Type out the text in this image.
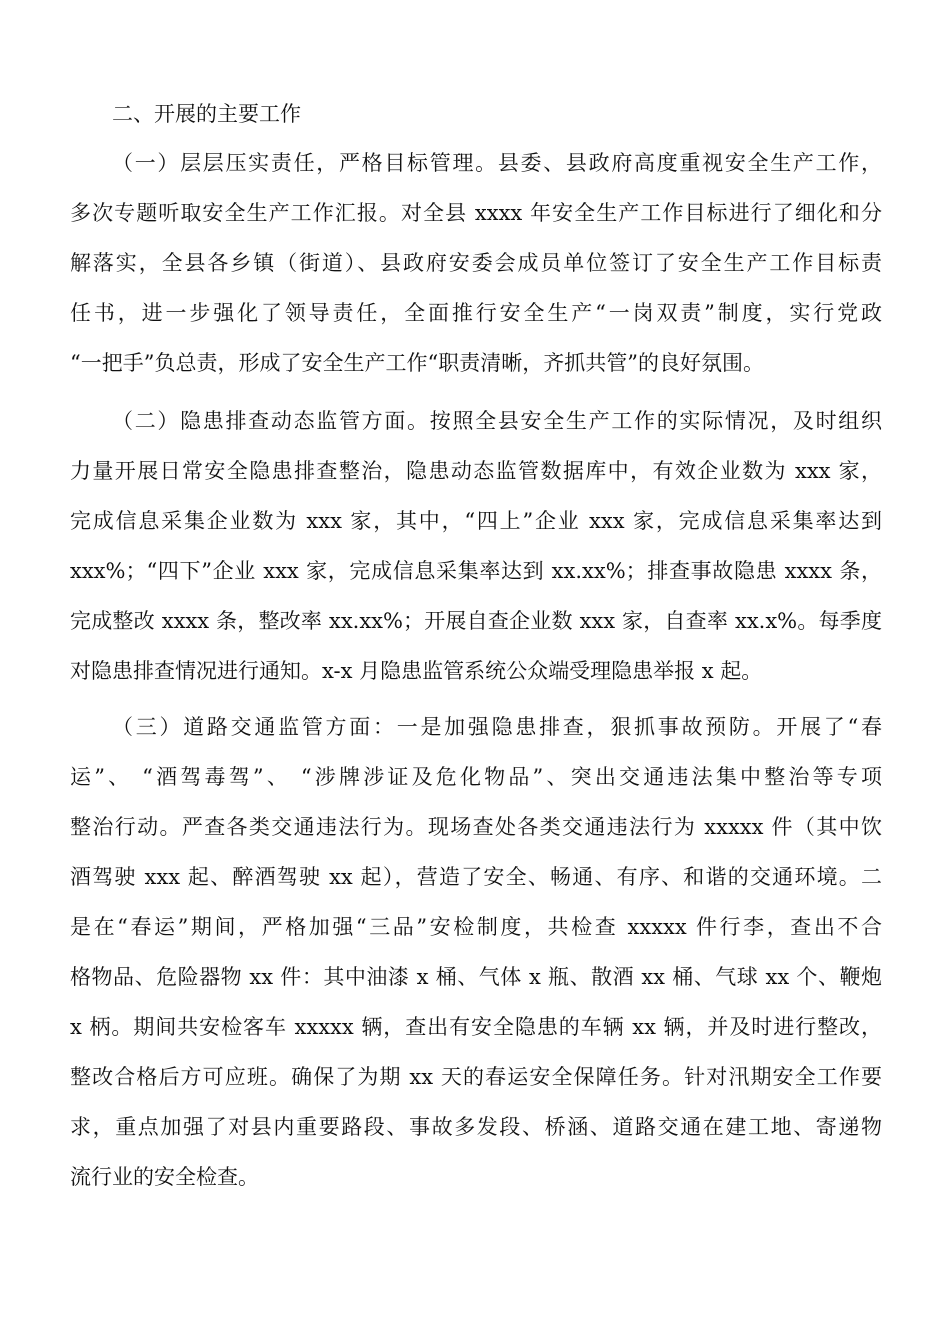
二、开展的主要工作
（一）层层压实责任，严格目标管理。县委、县政府高度重视安全生产工作，
多次专题听取安全生产工作汇报。对全县 xxxx 年安全生产工作目标进行了细化和分
解落实，全县各乡镇（街道）、县政府安委会成员单位签订了安全生产工作目标责
任书，进一步强化了领导责任，全面推行安全生产“一岗双责”制度，实行党政
“一把手”负总责，形成了安全生产工作“职责清晰，齐抓共管”的良好氛围。
（二）隐患排查动态监管方面。按照全县安全生产工作的实际情况，及时组织
力量开展日常安全隐患排查整治，隐患动态监管数据库中，有效企业数为 xxx 家，
完成信息采集企业数为 xxx 家，其中，“四上”企业 xxx 家，完成信息采集率达到
xxx%；“四下”企业 xxx 家，完成信息采集率达到 xx.xx%；排查事故隐患 xxxx 条，
完成整改 xxxx 条，整改率 xx.xx%；开展自查企业数 xxx 家，自查率 xx.x%。每季度
对隐患排查情况进行通知。x-x 月隐患监管系统公众端受理隐患举报 x 起。
（三）道路交通监管方面：一是加强隐患排查，狠抓事故预防。开展了“春
运”、 “酒驾毒驾”、 “涉牌涉证及危化物品”、突出交通违法集中整治等专项
整治行动。严查各类交通违法行为。现场查处各类交通违法行为 xxxxx 件（其中饮
酒驾驶 xxx 起、醉酒驾驶 xx 起），营造了安全、畅通、有序、和谐的交通环境。二
是在“春运”期间，严格加强“三品”安检制度，共检查 xxxxx 件行李，查出不合
格物品、危险器物 xx 件：其中油漆 x 桶、气体 x 瓶、散酒 xx 桶、气球 xx 个、鞭炮
x 柄。期间共安检客车 xxxxx 辆，查出有安全隐患的车辆 xx 辆，并及时进行整改，
整改合格后方可应班。确保了为期 xx 天的春运安全保障任务。针对汛期安全工作要
求，重点加强了对县内重要路段、事故多发段、桥涵、道路交通在建工地、寄递物
流行业的安全检查。
